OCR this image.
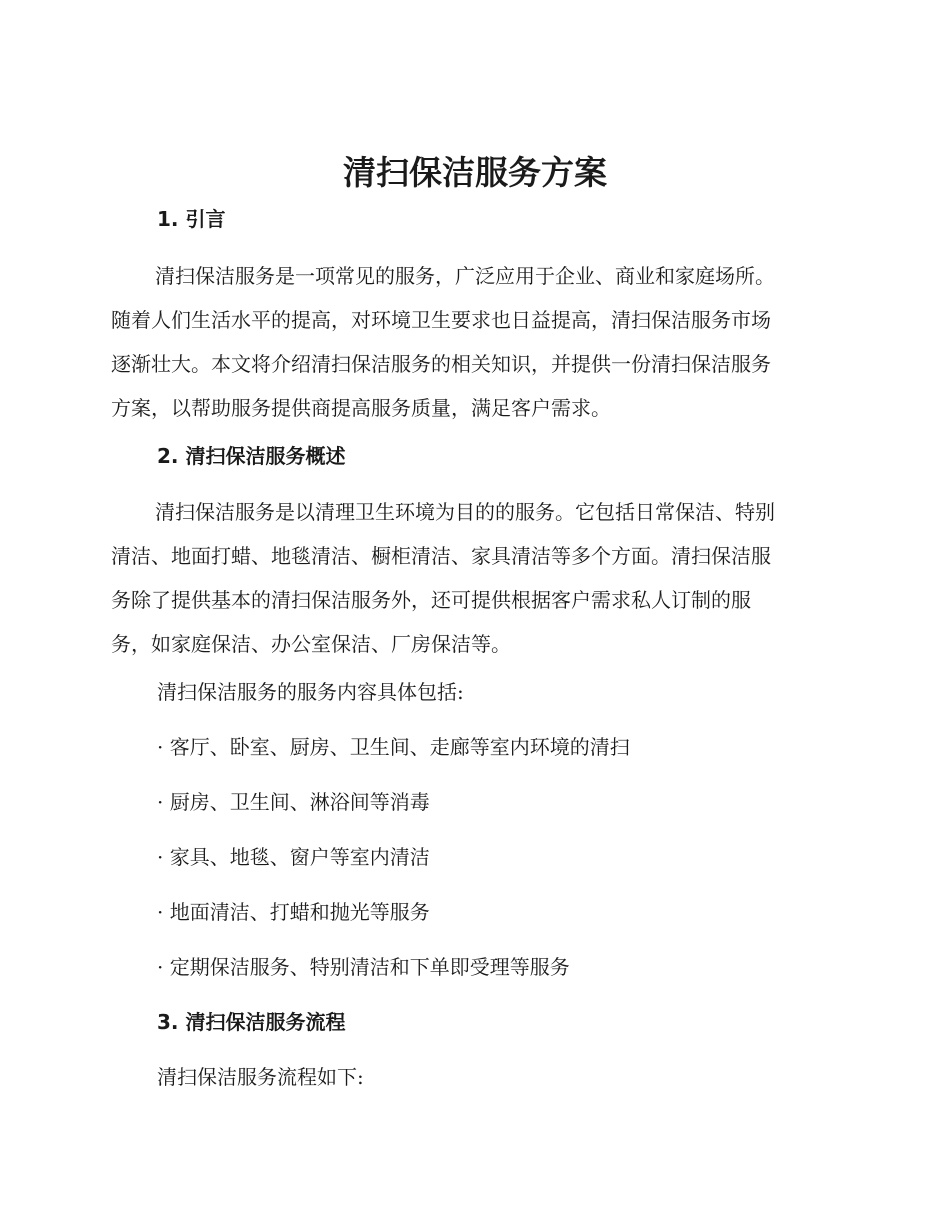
清扫保洁服务方案
1. 引言
清扫保洁服务是一项常见的服务，广泛应用于企业、商业和家庭场所。
随着人们生活水平的提高，对环境卫生要求也日益提高，清扫保洁服务市场
逐渐壮大。本文将介绍清扫保洁服务的相关知识，并提供一份清扫保洁服务
方案，以帮助服务提供商提高服务质量，满足客户需求。
2. 清扫保洁服务概述
清扫保洁服务是以清理卫生环境为目的的服务。它包括日常保洁、特别
清洁、地面打蜡、地毯清洁、橱柜清洁、家具清洁等多个方面。清扫保洁服
务除了提供基本的清扫保洁服务外，还可提供根据客户需求私人订制的服
务，如家庭保洁、办公室保洁、厂房保洁等。

清扫保洁服务的服务内容具体包括:

· 客厅、卧室、厨房、卫生间、走廊等室内环境的清扫

· 厨房、卫生间、淋浴间等消毒

· 家具、地毯、窗户等室内清洁

· 地面清洁、打蜡和抛光等服务

· 定期保洁服务、特别清洁和下单即受理等服务

3. 清扫保洁服务流程

清扫保洁服务流程如下:
